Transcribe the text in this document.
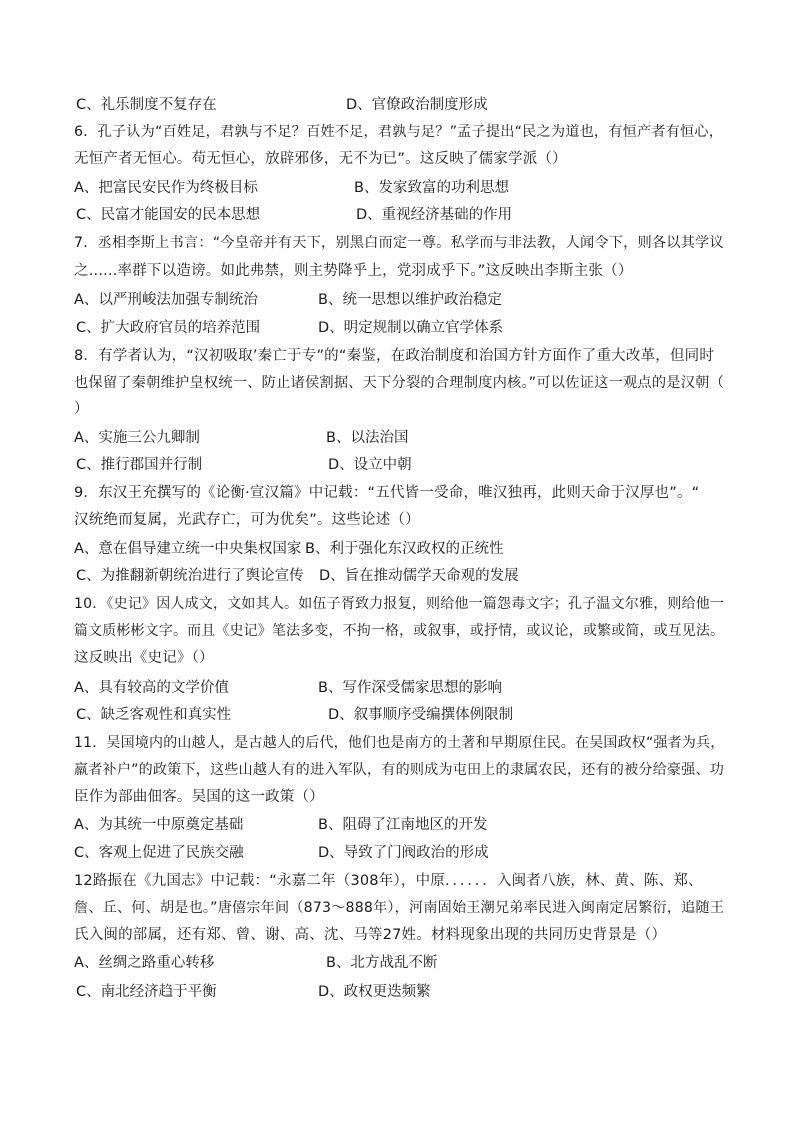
C、礼乐制度不复存在	D、官僚政治制度形成
6．孔子认为“百姓足，君孰与不足？百姓不足，君孰与足？”孟子提出“民之为道也，有恒产者有恒心，
无恒产者无恒心。苟无恒心，放辟邪侈，无不为已”。这反映了儒家学派（）
A、把富民安民作为终极目标	B、发家致富的功利思想
C、民富才能国安的民本思想	D、重视经济基础的作用
7．丞相李斯上书言：“今皇帝并有天下，别黑白而定一尊。私学而与非法教，人闻令下，则各以其学议
之......率群下以造谤。如此弗禁，则主势降乎上，党羽成乎下。”这反映出李斯主张（）
A、以严刑峻法加强专制统治	B、统一思想以维护政治稳定
C、扩大政府官员的培养范围	D、明定规制以确立官学体系
8．有学者认为，“汉初吸取’秦亡于专”的“秦鉴，在政治制度和治国方针方面作了重大改革，但同时
也保留了秦朝维护皇权统一、防止诸侯割据、天下分裂的合理制度内核。”可以佐证这一观点的是汉朝（
）
A、实施三公九卿制	B、以法治国
C、推行郡国并行制	D、设立中朝
9．东汉王充撰写的《论衡·宣汉篇》中记载：“五代皆一受命，唯汉独再，此则天命于汉厚也”。“
汉统绝而复属，光武存亡，可为优矣”。这些论述（）
A、意在倡导建立统一中央集权国家 B、利于强化东汉政权的正统性
C、为推翻新朝统治进行了舆论宣传 D、旨在推动儒学天命观的发展
10．《史记》因人成文，文如其人。如伍子胥致力报复，则给他一篇怨毒文字；孔子温文尔雅，则给他一
篇文质彬彬文字。而且《史记》笔法多变，不拘一格，或叙事，或抒情，或议论，或繁或简，或互见法。
这反映出《史记》（）
A、具有较高的文学价值	B、写作深受儒家思想的影响
C、缺乏客观性和真实性	D、叙事顺序受编撰体例限制
11．吴国境内的山越人，是古越人的后代，他们也是南方的土著和早期原住民。在吴国政权“强者为兵，
羸者补户”的政策下，这些山越人有的进入军队，有的则成为屯田上的隶属农民，还有的被分给豪强、功
臣作为部曲佃客。吴国的这一政策（）
A、为其统一中原奠定基础	B、阻碍了江南地区的开发
C、客观上促进了民族交融	D、导致了门阀政治的形成
12路振在《九国志》中记载：“永嘉二年（308年），中原．．．．．．入闽者八族，林、黄、陈、郑、
詹、丘、何、胡是也。”唐僖宗年间（873～888年），河南固始王潮兄弟率民进入闽南定居繁衍，追随王
氏入闽的部属，还有郑、曾、谢、高、沈、马等27姓。材料现象出现的共同历史背景是（）
A、丝绸之路重心转移	B、北方战乱不断
C、南北经济趋于平衡	D、政权更迭频繁
